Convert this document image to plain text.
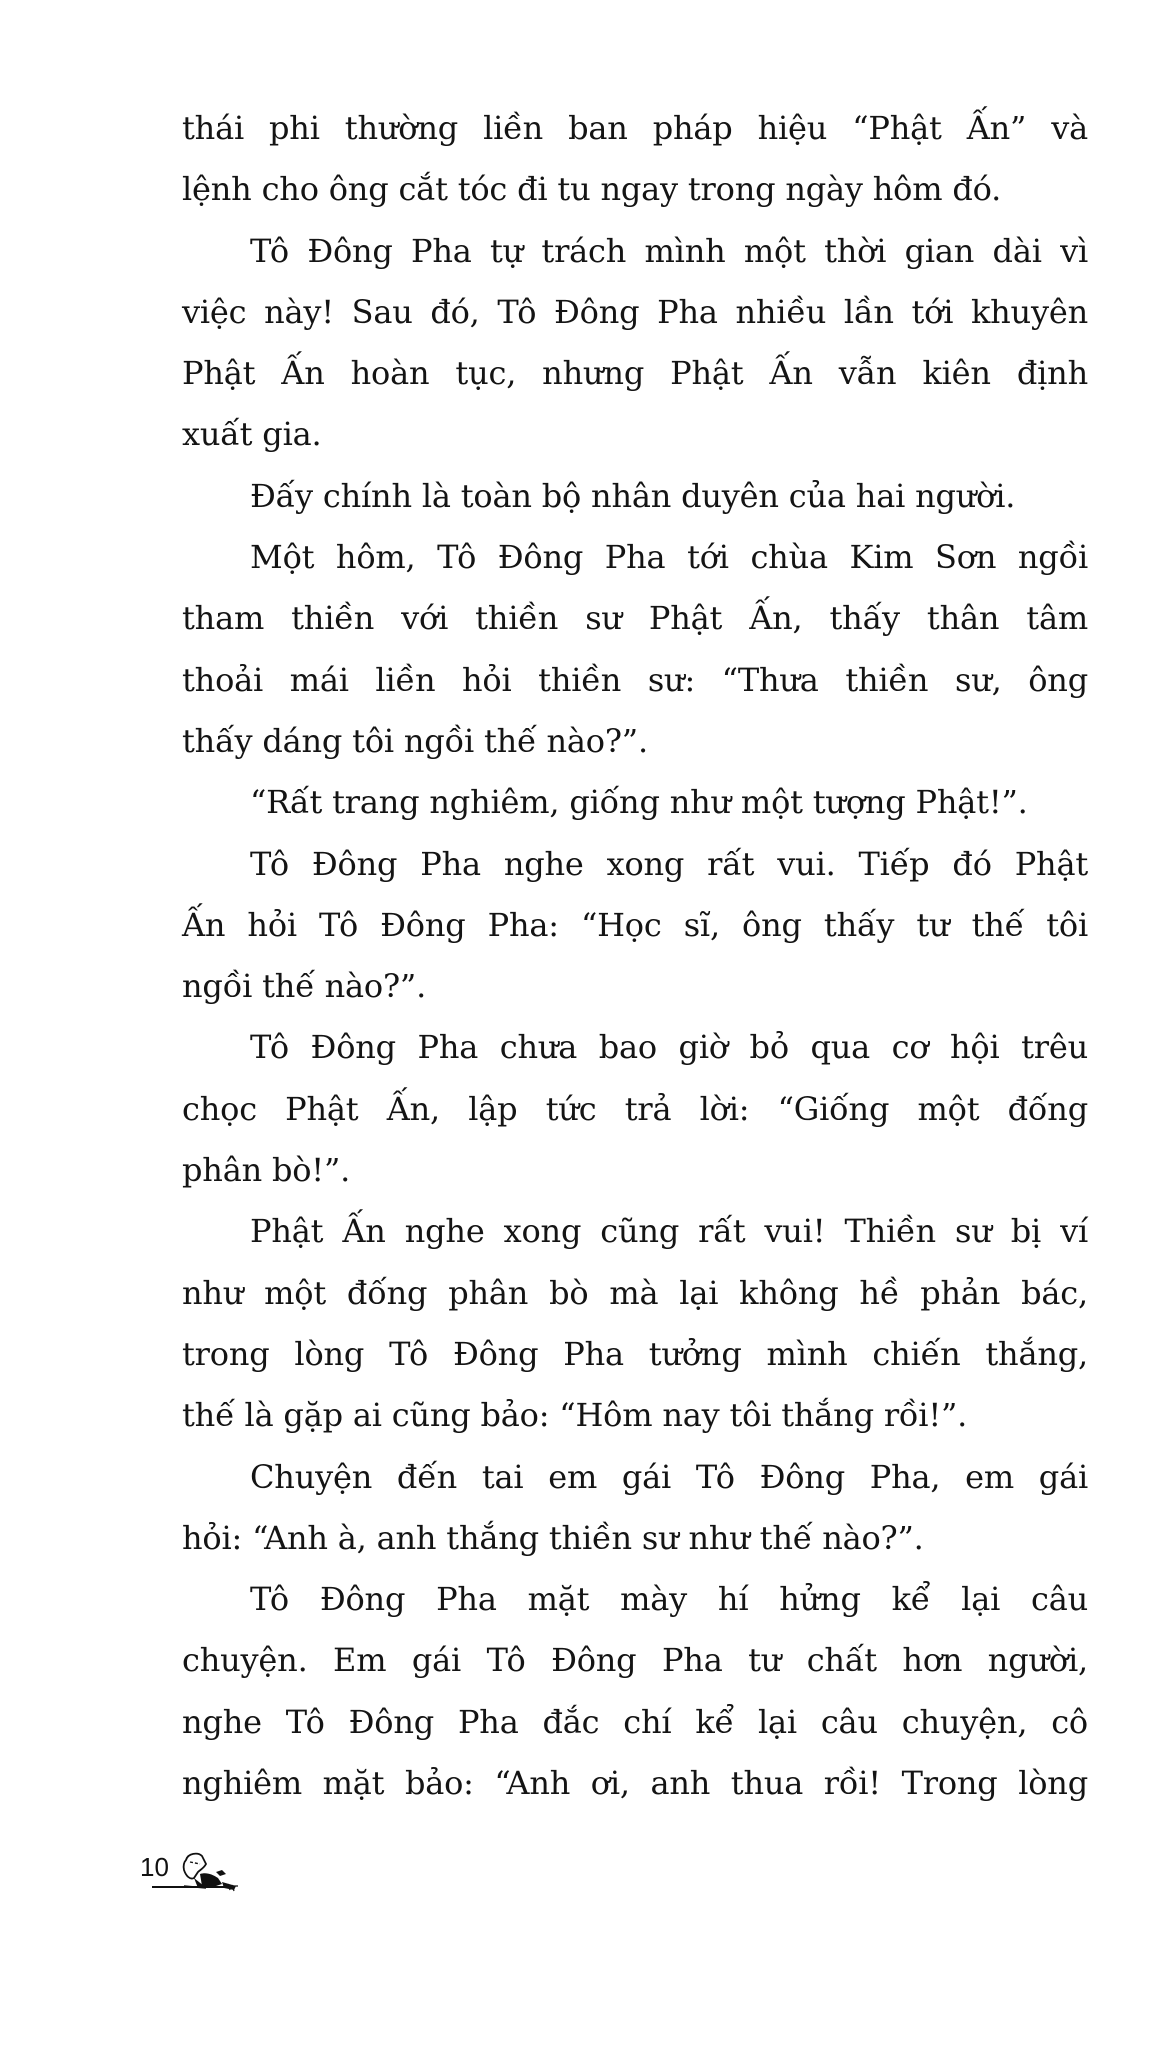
thái phi thường liền ban pháp hiệu “Phật Ấn” và
lệnh cho ông cắt tóc đi tu ngay trong ngày hôm đó.
Tô Đông Pha tự trách mình một thời gian dài vì
việc này! Sau đó, Tô Đông Pha nhiều lần tới khuyên
Phật Ấn hoàn tục, nhưng Phật Ấn vẫn kiên định
xuất gia.
Đấy chính là toàn bộ nhân duyên của hai người.
Một hôm, Tô Đông Pha tới chùa Kim Sơn ngồi
tham thiền với thiền sư Phật Ấn, thấy thân tâm
thoải mái liền hỏi thiền sư: “Thưa thiền sư, ông
thấy dáng tôi ngồi thế nào?”.
“Rất trang nghiêm, giống như một tượng Phật!”.
Tô Đông Pha nghe xong rất vui. Tiếp đó Phật
Ấn hỏi Tô Đông Pha: “Học sĩ, ông thấy tư thế tôi
ngồi thế nào?”.
Tô Đông Pha chưa bao giờ bỏ qua cơ hội trêu
chọc Phật Ấn, lập tức trả lời: “Giống một đống
phân bò!”.
Phật Ấn nghe xong cũng rất vui! Thiền sư bị ví
như một đống phân bò mà lại không hề phản bác,
trong lòng Tô Đông Pha tưởng mình chiến thắng,
thế là gặp ai cũng bảo: “Hôm nay tôi thắng rồi!”.
Chuyện đến tai em gái Tô Đông Pha, em gái
hỏi: “Anh à, anh thắng thiền sư như thế nào?”.
Tô Đông Pha mặt mày hí hửng kể lại câu
chuyện. Em gái Tô Đông Pha tư chất hơn người,
nghe Tô Đông Pha đắc chí kể lại câu chuyện, cô
nghiêm mặt bảo: “Anh ơi, anh thua rồi! Trong lòng
10
